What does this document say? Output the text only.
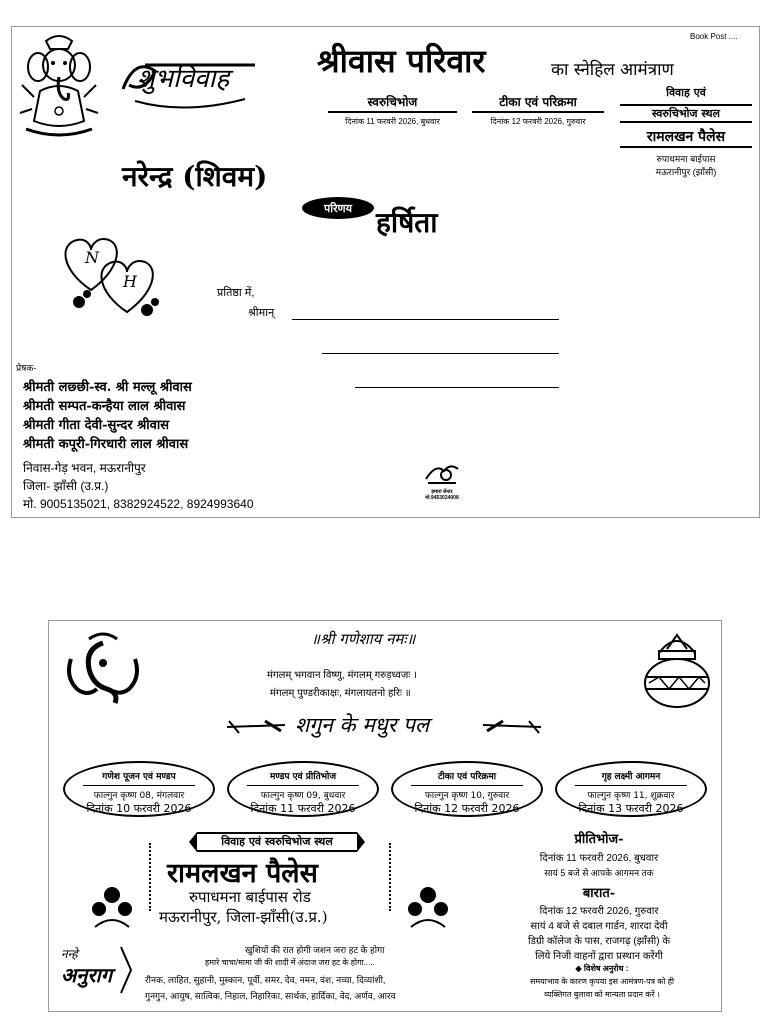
Book Post ....
शुभविवाह	श्रीवास परिवार	का स्नेहिल आमंत्राण
स्वरुचिभोज
दिनांक 11 फरवरी 2026, बुधवार
टीका एवं परिक्रमा
दिनांक 12 फरवरी 2026, गुरुवार
विवाह एवं
स्वरुचिभोज स्थल
रामलखन पैलेस
रुपाधमना बाईपास
मऊरानीपुर (झाँसी)
नरेन्द्र (शिवम)
परिणय हर्षिता
N
H
प्रतिष्ठा में,
श्रीमान्
प्रेषक-
श्रीमती लछ्छी-स्व. श्री मल्लू श्रीवास
श्रीमती सम्पत-कन्हैया लाल श्रीवास
श्रीमती गीता देवी-सुन्दर श्रीवास
श्रीमती कपूरी-गिरधारी लाल श्रीवास
निवास-गेड़ भवन, मऊरानीपुर
जिला- झाँसी (उ.प्र.)
मो. 9005135021, 8382924522, 8924993640
हमारा सेन्टर
मो.9453024008
॥श्री गणेशाय नमः॥
मंगलम् भगवान विष्णु, मंगलम् गरुड़ध्वजः ।
मंगलम् पुण्डरीकाक्षः, मंगलायतनो हरिः ॥
शगुन के मधुर पल
गणेश पूजन एवं मण्डप
फाल्गुन कृष्ण 08, मंगलवार
दिनांक 10 फरवरी 2026
मण्डप एवं प्रीतिभोज
फाल्गुन कृष्ण 09, बुधवार
दिनांक 11 फरवरी 2026
टीका एवं परिक्रमा
फाल्गुन कृष्ण 10, गुरुवार
दिनांक 12 फरवरी 2026
गृह लक्ष्मी आगमन
फाल्गुन कृष्ण 11, शुक्रवार
दिनांक 13 फरवरी 2026
विवाह एवं स्वरुचिभोज स्थल
रामलखन पैलेस
रुपाधमना बाईपास रोड
मऊरानीपुर, जिला-झाँसी(उ.प्र.)
प्रीतिभोज-
दिनांक 11 फरवरी 2026, बुधवार
सायं 5 बजे से आपके आगमन तक
बारात-
दिनांक 12 फरवरी 2026, गुरुवार
सायं 4 बजे से दबाल गार्डन, शारदा देवी
डिग्री कॉलेज के पास, राजगढ़ (झाँसी) के
लिये निजी वाहनों द्वारा प्रस्थान करेंगी
नन्हे
अनुराग
खुशियों की रात होगी जशन जरा हट के होगा
हमारे चाचा/मामा जी की शादी में अंदाज जरा हट के होगा.....
रौनक, लाहित, सुहानी, मुस्कान, पूर्वी, समर, देव, नमन, वंश, नव्या, दिव्यांशी,
गुनगुन, आयुष, सात्विक, निहाल, निहारिका, सार्थक, हार्दिका, वेद, अर्णव, आरव
◆ विशेष अनुरोध :
समयाभाव के कारण कृपया इस आमंत्रण-पत्र को ही
व्यक्तिगत बुलावा को मान्यता प्रदान करें ।
